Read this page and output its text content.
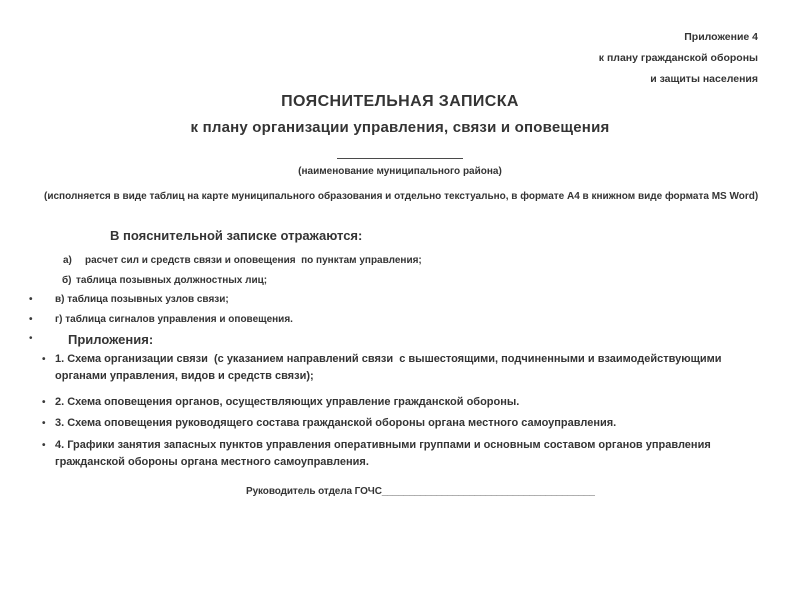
Приложение 4
к плану гражданской обороны
и защиты населения
ПОЯСНИТЕЛЬНАЯ ЗАПИСКА
к плану организации управления, связи и оповещения
(наименование муниципального района)
(исполняется в виде таблиц на карте муниципального образования и отдельно текстуально, в формате А4 в книжном виде формата MS Word)
В пояснительной записке отражаются:
а)	расчет сил и средств связи и оповещения  по пунктам управления;
б) таблица позывных должностных лиц;
•	в) таблица позывных узлов связи;
•	г) таблица сигналов управления и оповещения.
•	Приложения:
• 1. Схема организации связи  (с указанием направлений связи  с вышестоящими, подчиненными и взаимодействующими органами управления, видов и средств связи);
• 2. Схема оповещения органов, осуществляющих управление гражданской обороны.
• 3. Схема оповещения руководящего состава гражданской обороны органа местного самоуправления.
• 4. Графики занятия запасных пунктов управления оперативными группами и основным составом органов управления гражданской обороны органа местного самоуправления.
Руководитель отдела ГОЧС_______________________________________
